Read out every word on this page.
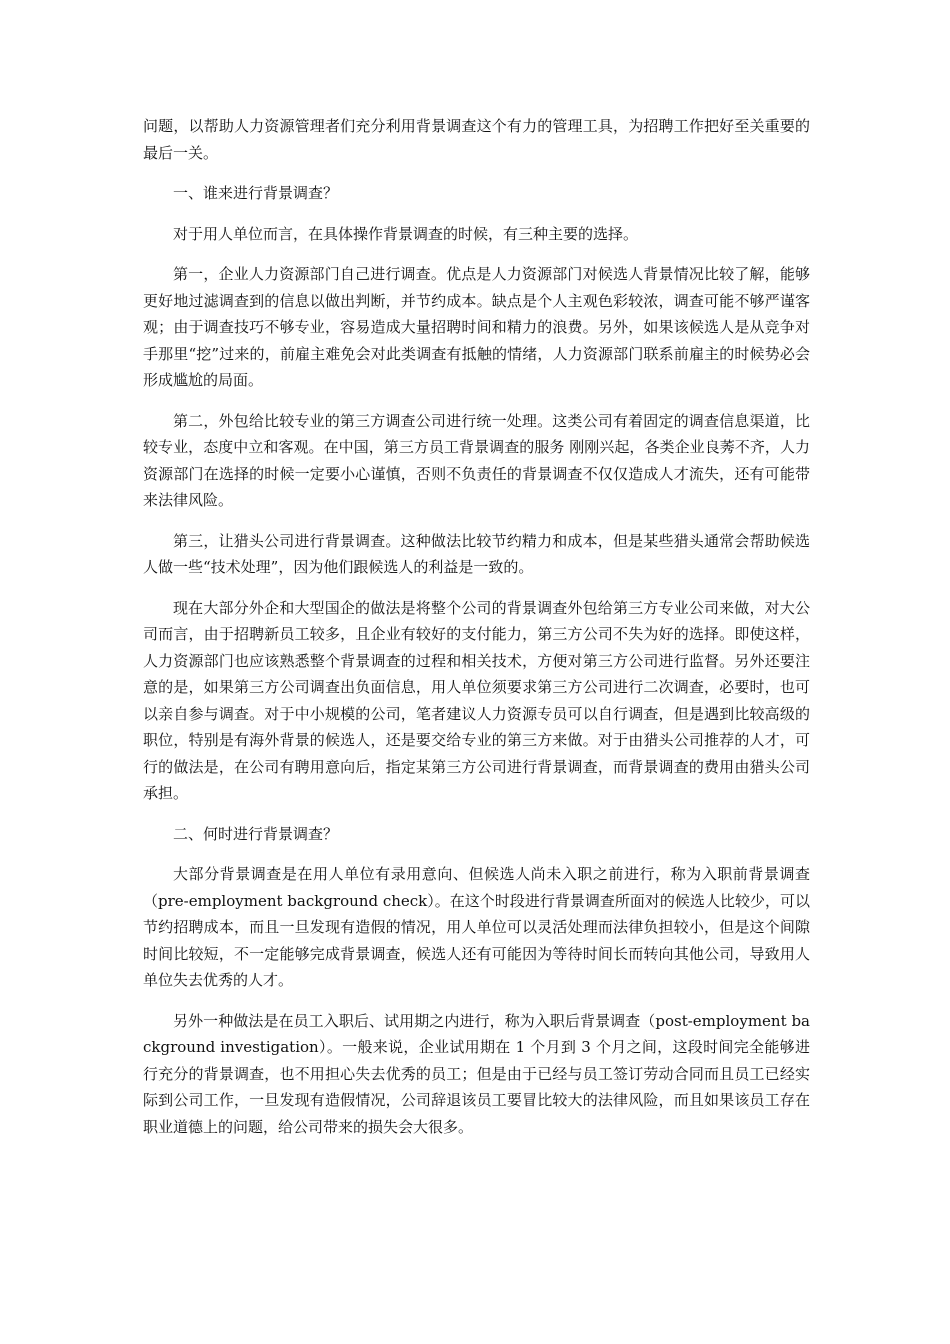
问题，以帮助人力资源管理者们充分利用背景调查这个有力的管理工具，为招聘工作把好至关重要的最后一关。

一、谁来进行背景调查？

对于用人单位而言，在具体操作背景调查的时候，有三种主要的选择。

第一，企业人力资源部门自己进行调查。优点是人力资源部门对候选人背景情况比较了解，能够更好地过滤调查到的信息以做出判断，并节约成本。缺点是个人主观色彩较浓，调查可能不够严谨客观；由于调查技巧不够专业，容易造成大量招聘时间和精力的浪费。另外，如果该候选人是从竞争对手那里“挖”过来的，前雇主难免会对此类调查有抵触的情绪，人力资源部门联系前雇主的时候势必会形成尴尬的局面。

第二，外包给比较专业的第三方调查公司进行统一处理。这类公司有着固定的调查信息渠道，比较专业，态度中立和客观。在中国，第三方员工背景调查的服务 刚刚兴起，各类企业良莠不齐，人力资源部门在选择的时候一定要小心谨慎，否则不负责任的背景调查不仅仅造成人才流失，还有可能带来法律风险。

第三，让猎头公司进行背景调查。这种做法比较节约精力和成本，但是某些猎头通常会帮助候选人做一些“技术处理”，因为他们跟候选人的利益是一致的。

现在大部分外企和大型国企的做法是将整个公司的背景调查外包给第三方专业公司来做，对大公司而言，由于招聘新员工较多，且企业有较好的支付能力，第三方公司不失为好的选择。即使这样，人力资源部门也应该熟悉整个背景调查的过程和相关技术，方便对第三方公司进行监督。另外还要注意的是，如果第三方公司调查出负面信息，用人单位须要求第三方公司进行二次调查，必要时，也可以亲自参与调查。对于中小规模的公司，笔者建议人力资源专员可以自行调查，但是遇到比较高级的职位，特别是有海外背景的候选人，还是要交给专业的第三方来做。对于由猎头公司推荐的人才，可行的做法是，在公司有聘用意向后，指定某第三方公司进行背景调查，而背景调查的费用由猎头公司承担。

二、何时进行背景调查？

大部分背景调查是在用人单位有录用意向、但候选人尚未入职之前进行，称为入职前背景调查（pre-employment background check）。在这个时段进行背景调查所面对的候选人比较少，可以节约招聘成本，而且一旦发现有造假的情况，用人单位可以灵活处理而法律负担较小，但是这个间隙时间比较短，不一定能够完成背景调查，候选人还有可能因为等待时间长而转向其他公司，导致用人单位失去优秀的人才。

另外一种做法是在员工入职后、试用期之内进行，称为入职后背景调查（post-employment background investigation）。一般来说，企业试用期在 1 个月到 3 个月之间，这段时间完全能够进行充分的背景调查，也不用担心失去优秀的员工；但是由于已经与员工签订劳动合同而且员工已经实际到公司工作，一旦发现有造假情况，公司辞退该员工要冒比较大的法律风险，而且如果该员工存在职业道德上的问题，给公司带来的损失会大很多。
